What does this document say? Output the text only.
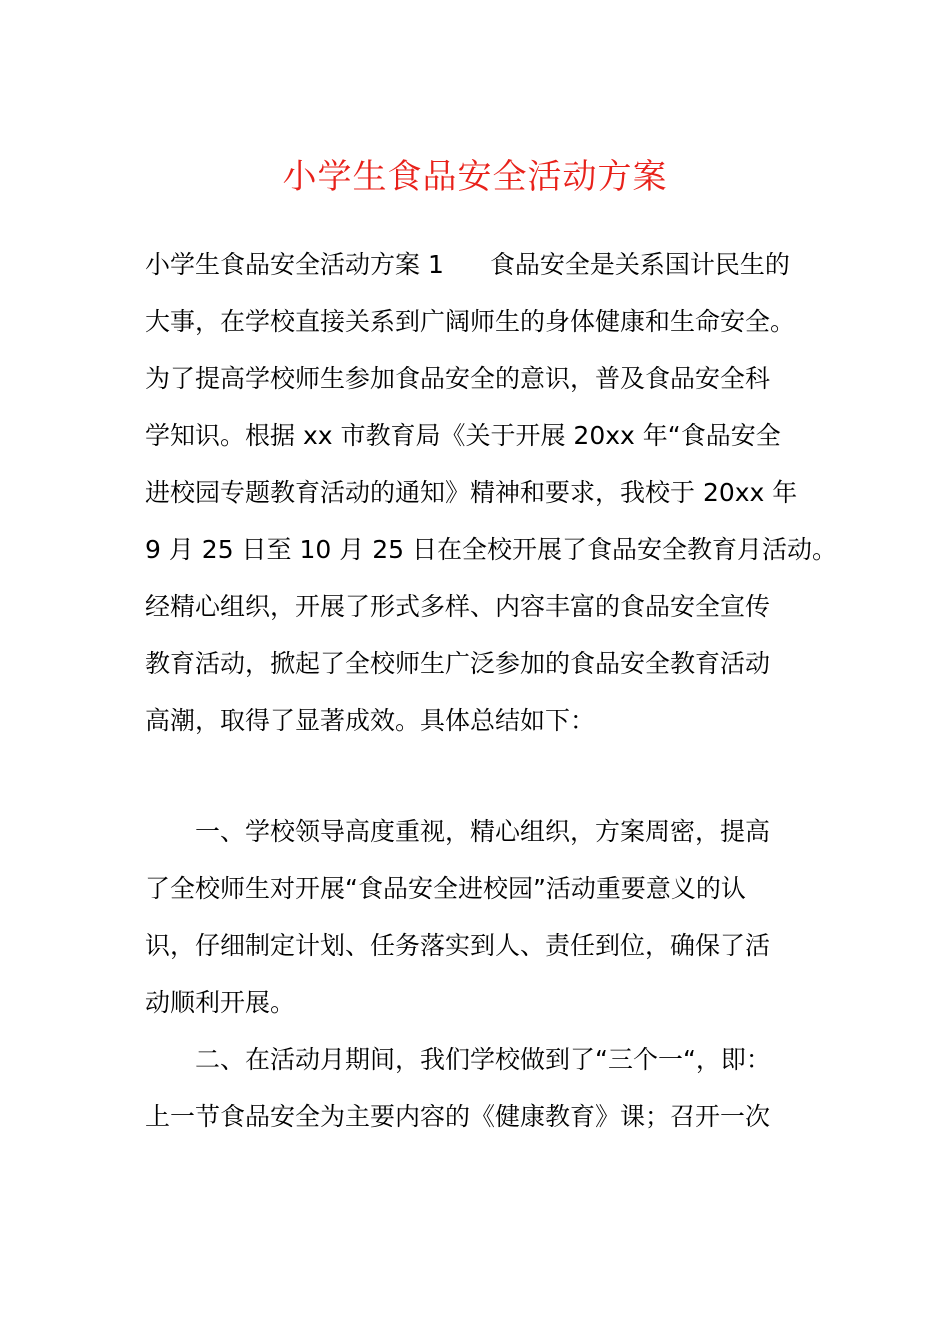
小学生食品安全活动方案
小学生食品安全活动方案 1 食品安全是关系国计民生的
大事，在学校直接关系到广阔师生的身体健康和生命安全。
为了提高学校师生参加食品安全的意识，普及食品安全科
学知识。根据 xx 市教育局《关于开展 20xx 年“食品安全
进校园专题教育活动的通知》精神和要求，我校于 20xx 年
9 月 25 日至 10 月 25 日在全校开展了食品安全教育月活动。
经精心组织，开展了形式多样、内容丰富的食品安全宣传
教育活动，掀起了全校师生广泛参加的食品安全教育活动
高潮，取得了显著成效。具体总结如下：
一、学校领导高度重视，精心组织，方案周密，提高
了全校师生对开展“食品安全进校园”活动重要意义的认
识，仔细制定计划、任务落实到人、责任到位，确保了活
动顺利开展。
二、在活动月期间，我们学校做到了“三个一“，即：
上一节食品安全为主要内容的《健康教育》课；召开一次
